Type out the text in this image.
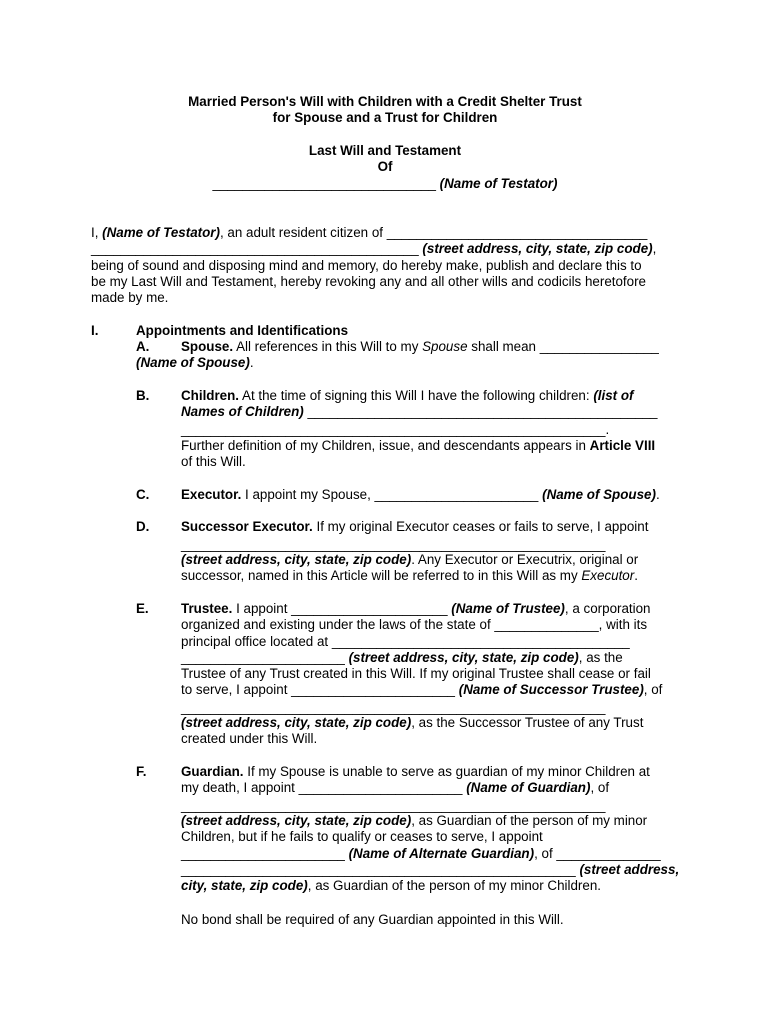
Married Person's Will with Children with a Credit Shelter Trust
for Spouse and a Trust for Children
Last Will and Testament
Of
______________________________ (Name of Testator)
I, (Name of Testator), an adult resident citizen of ___________________________________
____________________________________________ (street address, city, state, zip code),
being of sound and disposing mind and memory, do hereby make, publish and declare this to
be my Last Will and Testament, hereby revoking any and all other wills and codicils heretofore
made by me.
I.	Appointments and Identifications
A. Spouse. All references in this Will to my Spouse shall mean ________________
(Name of Spouse).
B. Children. At the time of signing this Will I have the following children: (list of
Names of Children) _______________________________________________
_________________________________________________________.
Further definition of my Children, issue, and descendants appears in Article VIII
of this Will.
C. Executor. I appoint my Spouse, ______________________ (Name of Spouse).
D. Successor Executor. If my original Executor ceases or fails to serve, I appoint
_________________________________________________________
(street address, city, state, zip code). Any Executor or Executrix, original or
successor, named in this Article will be referred to in this Will as my Executor.
E. Trustee. I appoint _____________________ (Name of Trustee), a corporation
organized and existing under the laws of the state of ______________, with its
principal office located at ________________________________________
______________________ (street address, city, state, zip code), as the
Trustee of any Trust created in this Will. If my original Trustee shall cease or fail
to serve, I appoint ______________________ (Name of Successor Trustee), of
_________________________________________________________
(street address, city, state, zip code), as the Successor Trustee of any Trust
created under this Will.
F.	Guardian. If my Spouse is unable to serve as guardian of my minor Children at
my death, I appoint ______________________ (Name of Guardian), of
_________________________________________________________
(street address, city, state, zip code), as Guardian of the person of my minor
Children, but if he fails to qualify or ceases to serve, I appoint
______________________ (Name of Alternate Guardian), of ______________
_____________________________________________________ (street address,
city, state, zip code), as Guardian of the person of my minor Children.
No bond shall be required of any Guardian appointed in this Will.
